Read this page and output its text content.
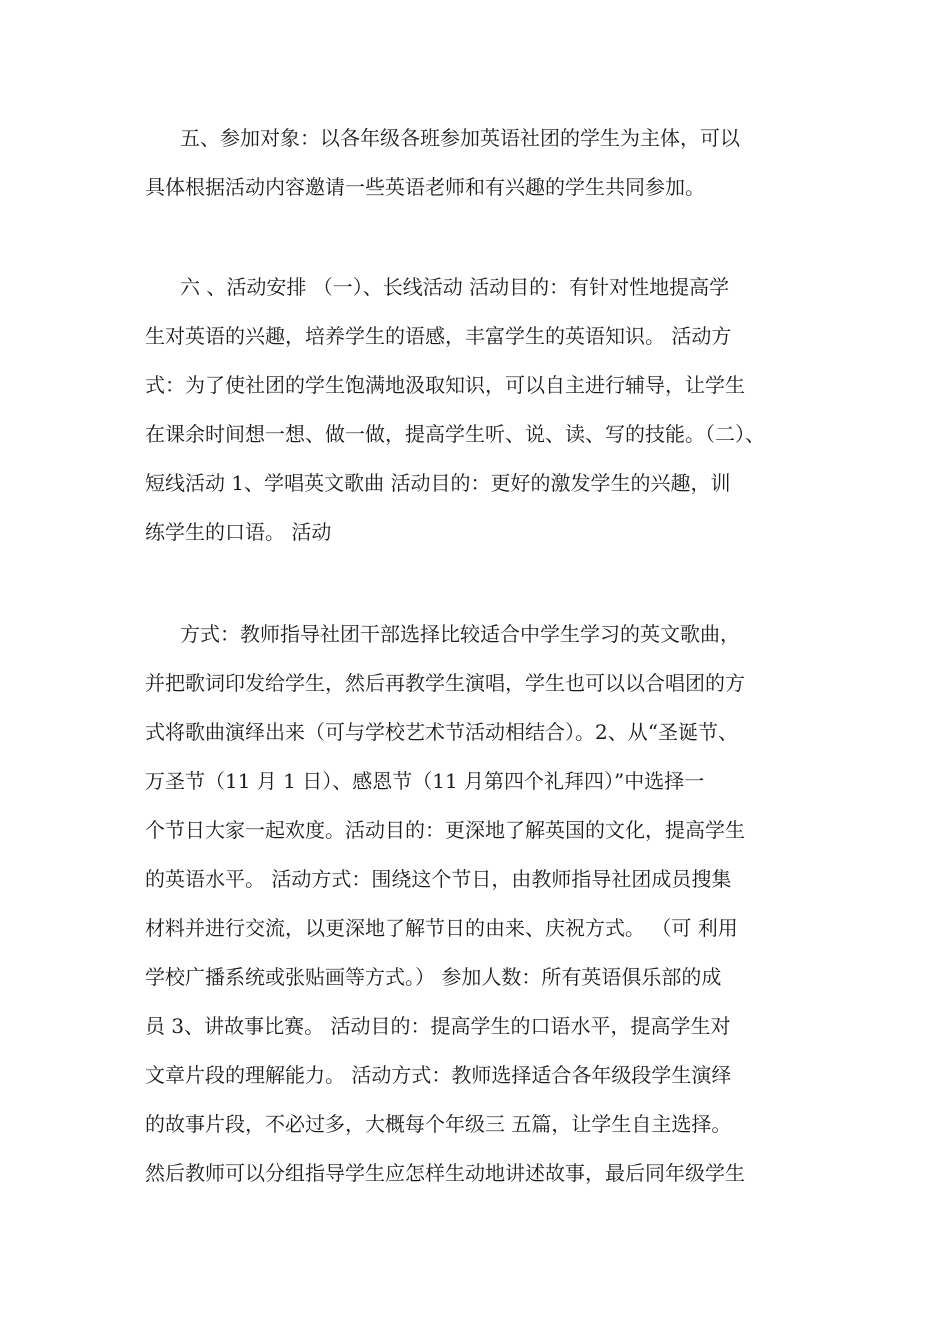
五、参加对象：以各年级各班参加英语社团的学生为主体，可以
具体根据活动内容邀请一些英语老师和有兴趣的学生共同参加。
六 、活动安排 （一）、长线活动 活动目的：有针对性地提高学
生对英语的兴趣，培养学生的语感，丰富学生的英语知识。 活动方
式：为了使社团的学生饱满地汲取知识，可以自主进行辅导，让学生
在课余时间想一想、做一做，提高学生听、说、读、写的技能。（二）、
短线活动 1、学唱英文歌曲 活动目的：更好的激发学生的兴趣，训
练学生的口语。 活动
方式：教师指导社团干部选择比较适合中学生学习的英文歌曲，
并把歌词印发给学生，然后再教学生演唱，学生也可以以合唱团的方
式将歌曲演绎出来（可与学校艺术节活动相结合）。2、从“圣诞节、
万圣节（11 月 1 日）、感恩节（11 月第四个礼拜四）”中选择一
个节日大家一起欢度。活动目的：更深地了解英国的文化，提高学生
的英语水平。 活动方式：围绕这个节日，由教师指导社团成员搜集
材料并进行交流，以更深地了解节日的由来、庆祝方式。 （可 利用
学校广播系统或张贴画等方式。） 参加人数：所有英语俱乐部的成
员 3、讲故事比赛。 活动目的：提高学生的口语水平，提高学生对
文章片段的理解能力。 活动方式：教师选择适合各年级段学生演绎
的故事片段，不必过多，大概每个年级三 五篇，让学生自主选择。
然后教师可以分组指导学生应怎样生动地讲述故事，最后同年级学生
